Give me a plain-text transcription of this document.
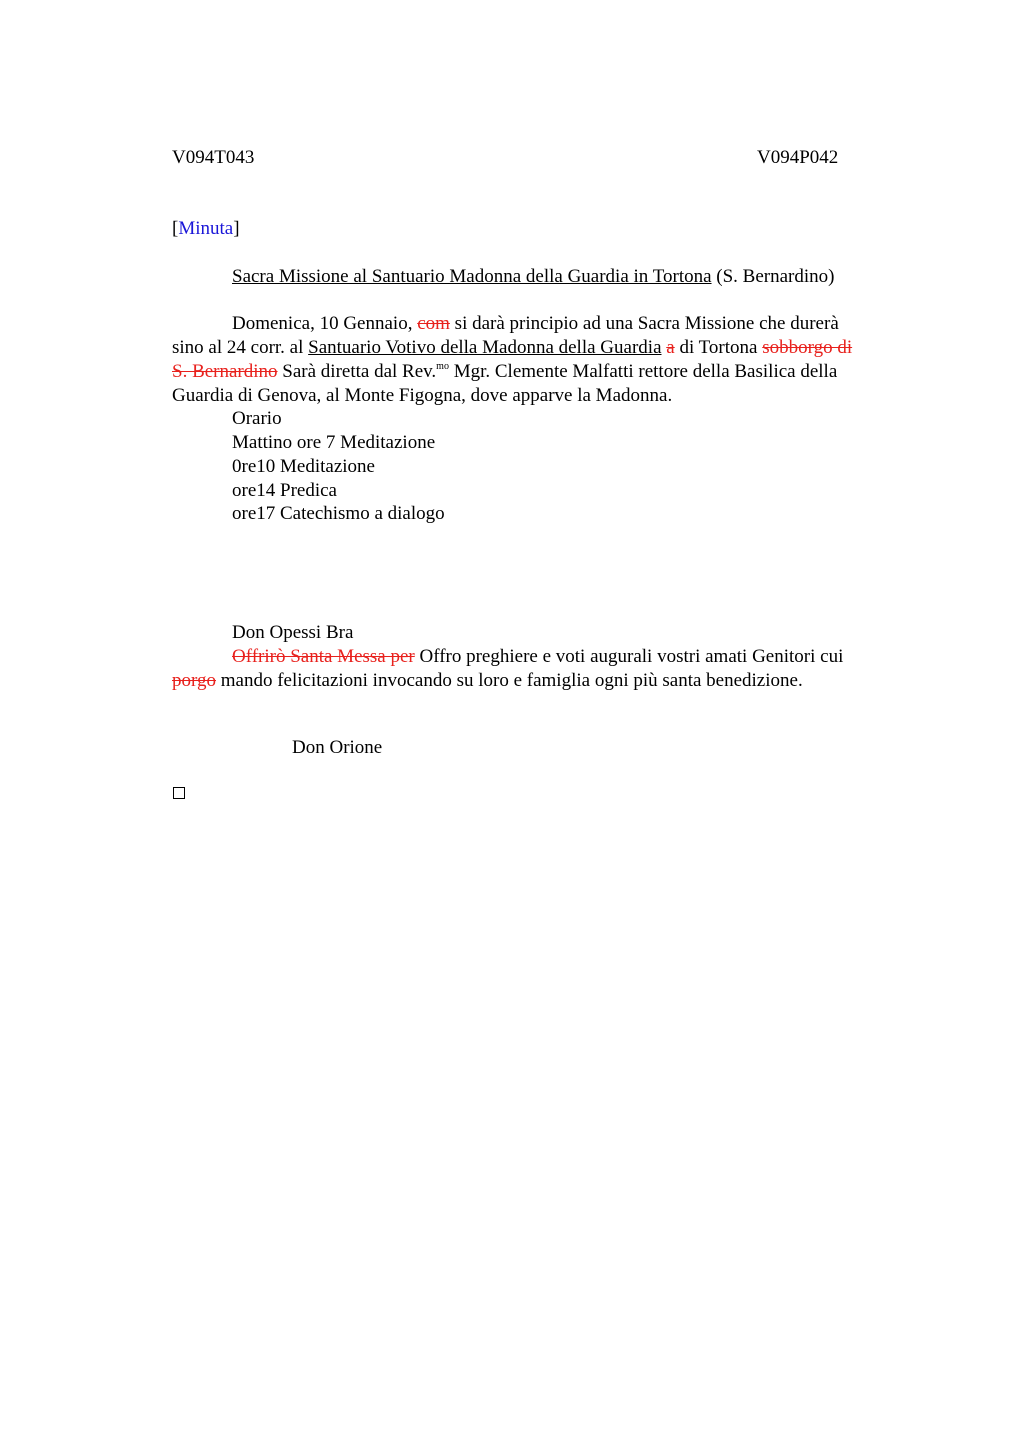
V094T043	V094P042
[Minuta]
Sacra Missione al Santuario Madonna della Guardia in Tortona (S. Bernardino)
Domenica, 10 Gennaio, com si darà principio ad una Sacra Missione che durerà
sino al 24 corr. al Santuario Votivo della Madonna della Guardia a di Tortona sobborgo di
S. Bernardino Sarà diretta dal Rev.$^{mo}$ Mgr. Clemente Malfatti rettore della Basilica della
Guardia di Genova, al Monte Figogna, dove apparve la Madonna.
Orario
Mattino ore 7 Meditazione
0re10 Meditazione
ore14 Predica
ore17 Catechismo a dialogo
Don Opessi Bra
Offrirò Santa Messa per Offro preghiere e voti augurali vostri amati Genitori cui
porgo mando felicitazioni invocando su loro e famiglia ogni più santa benedizione.
Don Orione
